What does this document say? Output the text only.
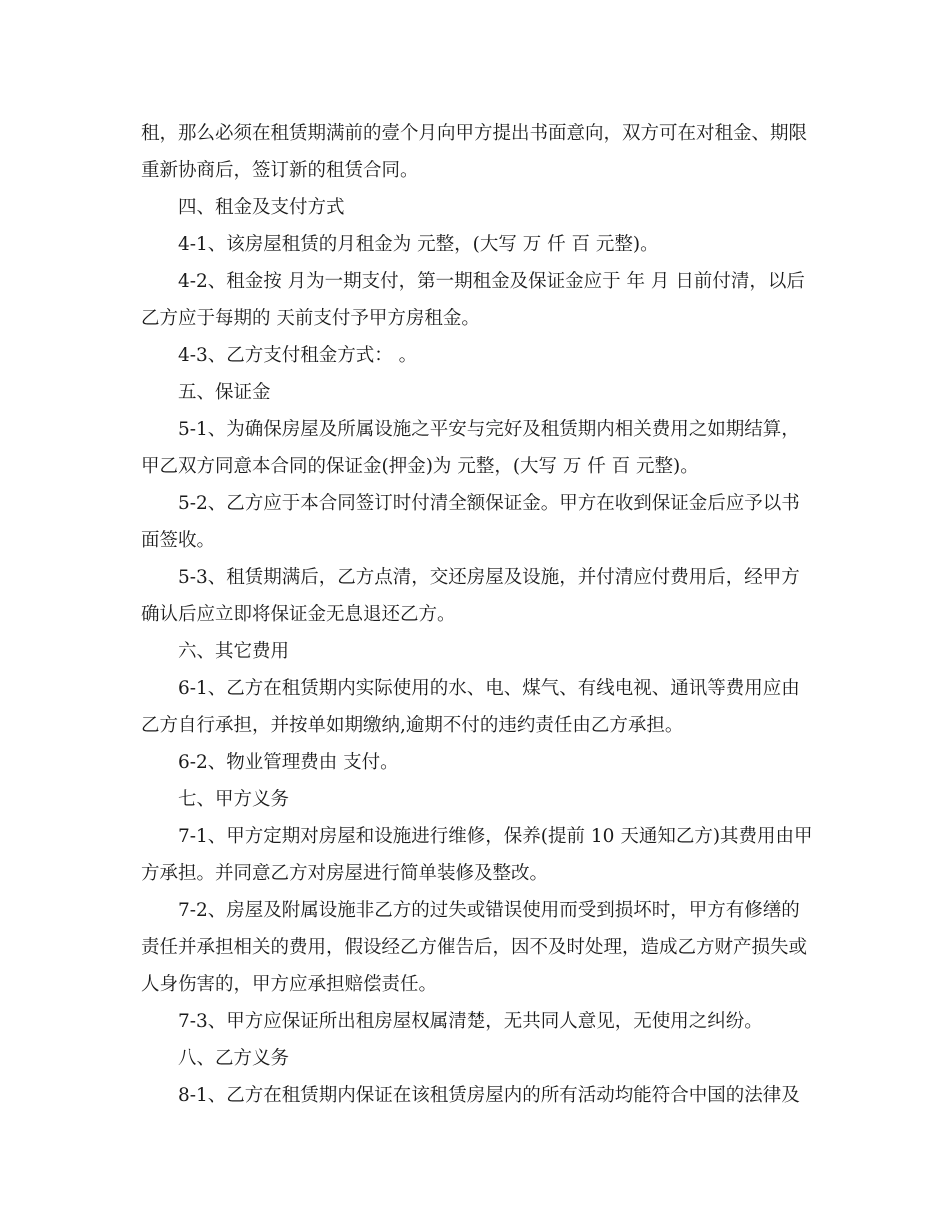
租，那么必须在租赁期满前的壹个月向甲方提出书面意向，双方可在对租金、期限
重新协商后，签订新的租赁合同。
四、租金及支付方式
4-1、该房屋租赁的月租金为 元整，(大写 万 仟 百 元整)。
4-2、租金按 月为一期支付，第一期租金及保证金应于 年 月 日前付清，以后
乙方应于每期的 天前支付予甲方房租金。
4-3、乙方支付租金方式： 。
五、保证金
5-1、为确保房屋及所属设施之平安与完好及租赁期内相关费用之如期结算，
甲乙双方同意本合同的保证金(押金)为 元整，(大写 万 仟 百 元整)。
5-2、乙方应于本合同签订时付清全额保证金。甲方在收到保证金后应予以书
面签收。
5-3、租赁期满后，乙方点清，交还房屋及设施，并付清应付费用后，经甲方
确认后应立即将保证金无息退还乙方。
六、其它费用
6-1、乙方在租赁期内实际使用的水、电、煤气、有线电视、通讯等费用应由
乙方自行承担，并按单如期缴纳,逾期不付的违约责任由乙方承担。
6-2、物业管理费由 支付。
七、甲方义务
7-1、甲方定期对房屋和设施进行维修，保养(提前 10 天通知乙方)其费用由甲
方承担。并同意乙方对房屋进行简单装修及整改。
7-2、房屋及附属设施非乙方的过失或错误使用而受到损坏时，甲方有修缮的
责任并承担相关的费用，假设经乙方催告后，因不及时处理，造成乙方财产损失或
人身伤害的，甲方应承担赔偿责任。
7-3、甲方应保证所出租房屋权属清楚，无共同人意见，无使用之纠纷。
八、乙方义务
8-1、乙方在租赁期内保证在该租赁房屋内的所有活动均能符合中国的法律及
